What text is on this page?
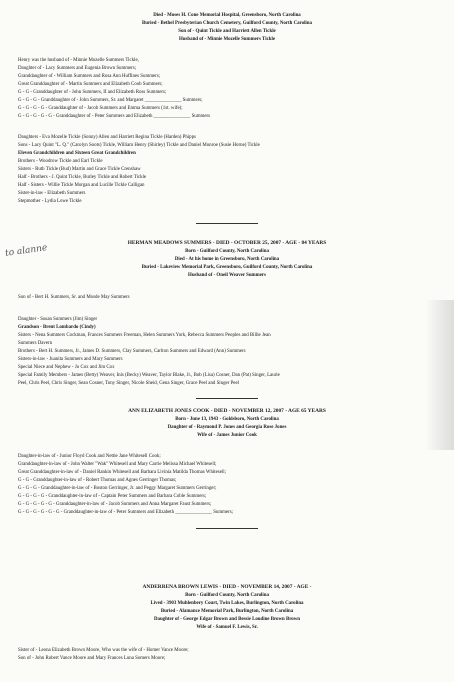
Died - Moses H. Cone Memorial Hospital, Greensboro, North Carolina
Buried - Bethel Presbyterian Church Cemetery, Guilford County, North Carolina
Son of - Quint Tickle and Harriett Allen Tickle
Husband of - Minnie Mozelle Summers Tickle
Henry was the husband of - Minnie Mozelle Summers Tickle,
Daughter of - Lacy Summers and Eugenia Brown Summers;
Granddaughter of - William Summers and Rosa Ann Huffines Summers;
Great Granddaughter of - Martin Summers and Elizabeth Coob Summers;
G - G - Granddaughter of - John Summers, II and Elizabeth Ross Summers;
G - G - G - Granddaughter of - John Summers, Sr. and Margaret _______________ Summers;
G - G - G - G - Granddaughter of - Jacob Summers and Emma Summers (1st. wife);
G - G - G - G - G - Granddaughter of - Peter Summers and Elizabeth _______________ Summers
Daughters - Eva Mozelle Tickle (Sonny) Allen and Harriett Regina Tickle (Harden) Phipps
Sons - Lacy Quint "L. Q." (Carolyn Soots) Tickle, William Henry (Shirley) Tickle and Daniel Monroe (Susie Horne) Tickle
Eleven Grandchildren and Sixteen Great Grandchildren
Brothers - Woodrow Tickle and Earl Tickle
Sisters - Ruth Tickle (Bud) Martin and Grace Tickle Crenshaw
Half - Brothers - J. Quint Tickle, Burley Tickle and Robert Tickle
Half - Sisters - Willie Tickle Morgan and Lucille Tickle Calligan
Sister-in-law - Elizabeth Summers
Stepmother - Lydia Lowe Tickle
to alanne
HERMAN MEADOWS SUMMERS - DIED - OCTOBER 25, 2007 - AGE - 84 YEARS
Born - Guilford County, North Carolina
Died - At his home in Greensboro, North Carolina
Buried - Lakeview Memorial Park, Greensboro, Guilford County, North Carolina
Husband of - Oneil Weaver Summers
Son of - Bert H. Summers, Sr. and Mosde May Summers
Daughter - Susan Summers (Jim) Singer
Grandson - Brent Lombardo (Cindy)
Sisters - Nena Summers Cockman, Frances Summers Freeman, Helen Summers York, Rebecca Summers Peoples and Billie Jean
Summers Davern
Brothers - Bert H. Summers, Jr., James D. Summers, Clay Summers, Carlton Summers and Edward (Ann) Summers
Sisters-in-law - Juanita Summers and Mary Summers
Special Niece and Nephew - Jo Cox and Jim Cox
Special Family Members - James (Betty) Weaver, Inis (Becky) Weaver, Taylor Blake, Jr., Bob (Lisa) Cosner, Dan (Pat) Singer, Laurie
Peel, Chris Peel, Chris Singer, Sean Cosner, Tony Singer, Nicole Sheid, Gena Singer, Grace Peel and Singer Peel
ANN ELIZABETH JONES COOK - DIED - NOVEMBER 12, 2007 - AGE 65 YEARS
Born - June 13, 1943 - Goldsboro, North Carolina
Daughter of - Raymond P. Jones and Georgia Rose Jones
Wife of - James Junior Cook
Daughter-in-law of - Junior Floyd Cook and Nettie Jane Whitesell Cook;
Granddaughter-in-law of - John Walter "Wak" Whitesell and Mary Carrie Melissa Michael Whitesell;
Great Granddaughter-in-law of - Daniel Rankin Whitesell and Barbara Livinia Matilda Thomas Whitesell;
G - G - Granddaughter-in-law of - Robert Thomas and Agnes Gerringer Thomas;
G - G - G - Granddaughter-in-law of - Boston Gerringer, Jr. and Peggy Margaret Summers Gerringer;
G - G - G - G - Granddaughter-in-law of - Captain Peter Summers and Barbara Coble Summers;
G - G - G - G - G - Granddaughter-in-law of - Jacob Summers and Anna Margaret Faust Summers;
G - G - G - G - G - G - Granddaughter-in-law of - Peter Summers and Elizabeth _______________ Summers;
ANDERRENA BROWN LEWIS - DIED - NOVEMBER 14, 2007 - AGE -
Born - Guilford County, North Carolina
Lived - 3903 Muhlenbery Court, Twin Lakes, Burlington, North Carolina
Buried - Alamance Memorial Park, Burlington, North Carolina
Daughter of - George Edgar Brown and Bessie Loudine Brown Brown
Wife of - Samuel F. Lewis, Sr.
Sister of - Leona Elizabeth Brown Moore, Who was the wife of - Homer Vance Moore;
Son of - John Robert Vance Moore and Mary Frances Luna Somers Moore;
